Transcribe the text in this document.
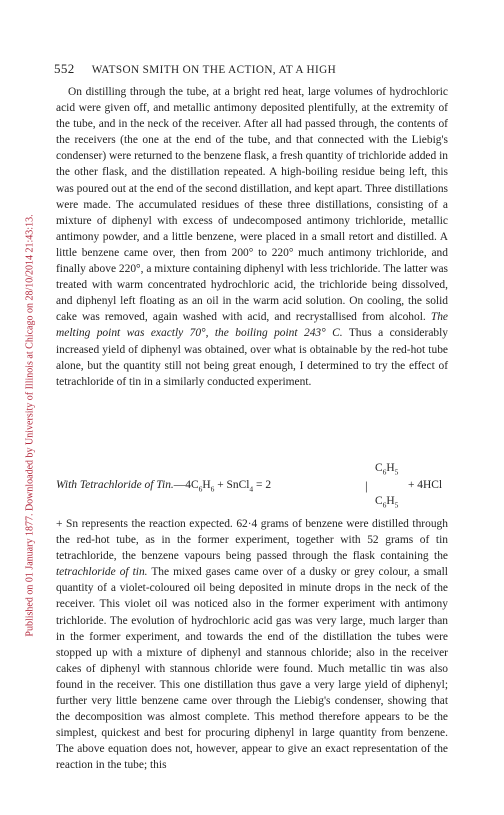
Published on 01 January 1877. Downloaded by University of Illinois at Chicago on 28/10/2014 21:43:13.
552 WATSON SMITH ON THE ACTION, AT A HIGH

On distilling through the tube, at a bright red heat, large volumes of hydrochloric acid were given off, and metallic antimony deposited plentifully, at the extremity of the tube, and in the neck of the receiver. After all had passed through, the contents of the receivers (the one at the end of the tube, and that connected with the Liebig's condenser) were returned to the benzene flask, a fresh quantity of trichloride added in the other flask, and the distillation repeated. A high-boiling residue being left, this was poured out at the end of the second distillation, and kept apart. Three distillations were made. The accumulated residues of these three distillations, consisting of a mixture of diphenyl with excess of undecomposed antimony trichloride, metallic antimony powder, and a little benzene, were placed in a small retort and distilled. A little benzene came over, then from 200° to 220° much antimony trichloride, and finally above 220°, a mixture containing diphenyl with less trichloride. The latter was treated with warm concentrated hydrochloric acid, the trichloride being dissolved, and diphenyl left floating as an oil in the warm acid solution. On cooling, the solid cake was removed, again washed with acid, and recrystallised from alcohol. The melting point was exactly 70°, the boiling point 243° C. Thus a considerably increased yield of diphenyl was obtained, over what is obtainable by the red-hot tube alone, but the quantity still not being great enough, I determined to try the effect of tetrachloride of tin in a similarly conducted experiment.

$C_6H_5$
With Tetrachloride of $Tin.—4C_6H_6$ + SnCl$_4$ = 2	|
$C_6H_5$
+ 4HCl

+ Sn represents the reaction expected. 62·4 grams of benzene were distilled through the red-hot tube, as in the former experiment, together with 52 grams of tin tetrachloride, the benzene vapours being passed through the flask containing the tetrachloride of tin. The mixed gases came over of a dusky or grey colour, a small quantity of a violet-coloured oil being deposited in minute drops in the neck of the receiver. This violet oil was noticed also in the former experiment with antimony trichloride. The evolution of hydrochloric acid gas was very large, much larger than in the former experiment, and towards the end of the distillation the tubes were stopped up with a mixture of diphenyl and stannous chloride; also in the receiver cakes of diphenyl with stannous chloride were found. Much metallic tin was also found in the receiver. This one distillation thus gave a very large yield of diphenyl; further very little benzene came over through the Liebig's condenser, showing that the decomposition was almost complete. This method therefore appears to be the simplest, quickest and best for procuring diphenyl in large quantity from benzene. The above equation does not, however, appear to give an exact representation of the reaction in the tube; this
